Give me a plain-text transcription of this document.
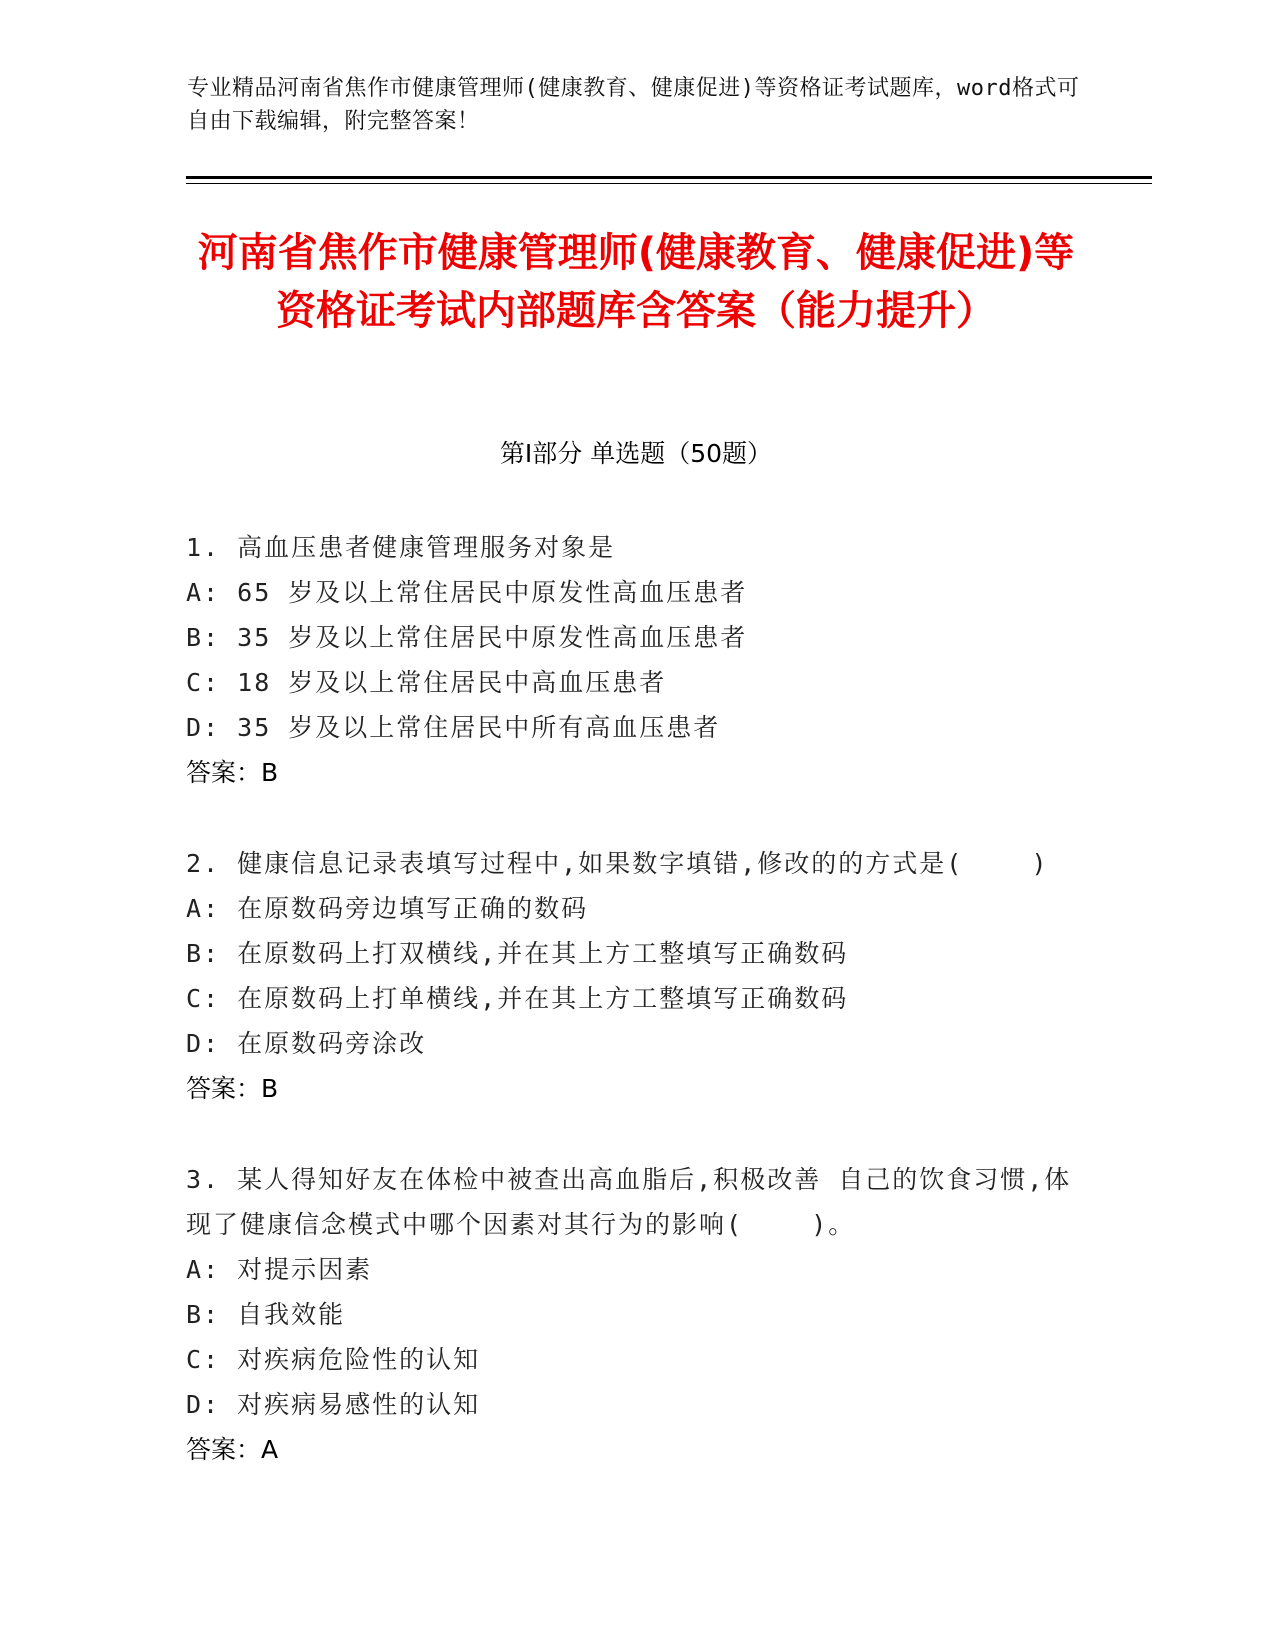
专业精品河南省焦作市健康管理师(健康教育、健康促进)等资格证考试题库，word格式可自由下载编辑，附完整答案！
河南省焦作市健康管理师(健康教育、健康促进)等资格证考试内部题库含答案（能力提升）
第Ⅰ部分 单选题（50题）
1. 高血压患者健康管理服务对象是
A: 65 岁及以上常住居民中原发性高血压患者
B: 35 岁及以上常住居民中原发性高血压患者
C: 18 岁及以上常住居民中高血压患者
D: 35 岁及以上常住居民中所有高血压患者
答案：B
2. 健康信息记录表填写过程中,如果数字填错,修改的的方式是(    )
A: 在原数码旁边填写正确的数码
B: 在原数码上打双横线,并在其上方工整填写正确数码
C: 在原数码上打单横线,并在其上方工整填写正确数码
D: 在原数码旁涂改
答案：B
3. 某人得知好友在体检中被查出高血脂后,积极改善 自己的饮食习惯,体现了健康信念模式中哪个因素对其行为的影响(    )。
A: 对提示因素
B: 自我效能
C: 对疾病危险性的认知
D: 对疾病易感性的认知
答案：A
